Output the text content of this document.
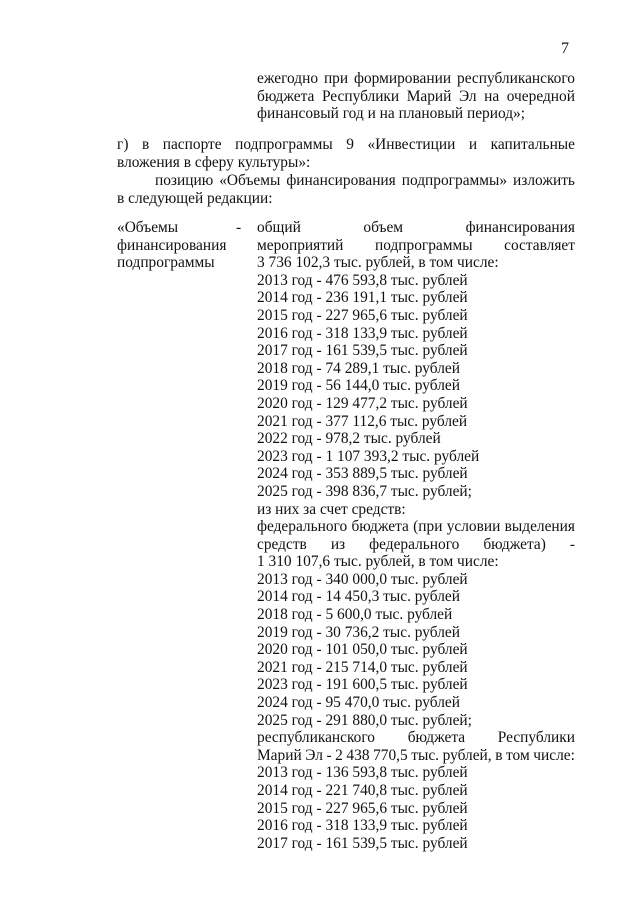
7
ежегодно при формировании республиканского
бюджета Республики Марий Эл на очередной
финансовый год и на плановый период»;
г) в паспорте подпрограммы 9 «Инвестиции и капитальные
вложения в сферу культуры»:
позицию «Объемы финансирования подпрограммы» изложить
в следующей редакции:
«Объемы
финансирования
подпрограммы
- общий	объем	финансирования
мероприятий подпрограммы составляет
3 736 102,3 тыс. рублей, в том числе:
2013 год - 476 593,8 тыс. рублей
2014 год - 236 191,1 тыс. рублей
2015 год - 227 965,6 тыс. рублей
2016 год - 318 133,9 тыс. рублей
2017 год - 161 539,5 тыс. рублей
2018 год - 74 289,1 тыс. рублей
2019 год - 56 144,0 тыс. рублей
2020 год - 129 477,2 тыс. рублей
2021 год - 377 112,6 тыс. рублей
2022 год - 978,2 тыс. рублей
2023 год - 1 107 393,2 тыс. рублей
2024 год - 353 889,5 тыс. рублей
2025 год - 398 836,7 тыс. рублей;
из них за счет средств:
федерального бюджета (при условии выделения
средств из федерального бюджета) -
1 310 107,6 тыс. рублей, в том числе:
2013 год - 340 000,0 тыс. рублей
2014 год - 14 450,3 тыс. рублей
2018 год - 5 600,0 тыс. рублей
2019 год - 30 736,2 тыс. рублей
2020 год - 101 050,0 тыс. рублей
2021 год - 215 714,0 тыс. рублей
2023 год - 191 600,5 тыс. рублей
2024 год - 95 470,0 тыс. рублей
2025 год - 291 880,0 тыс. рублей;
республиканского бюджета Республики
Марий Эл - 2 438 770,5 тыс. рублей, в том числе:
2013 год - 136 593,8 тыс. рублей
2014 год - 221 740,8 тыс. рублей
2015 год - 227 965,6 тыс. рублей
2016 год - 318 133,9 тыс. рублей
2017 год - 161 539,5 тыс. рублей
